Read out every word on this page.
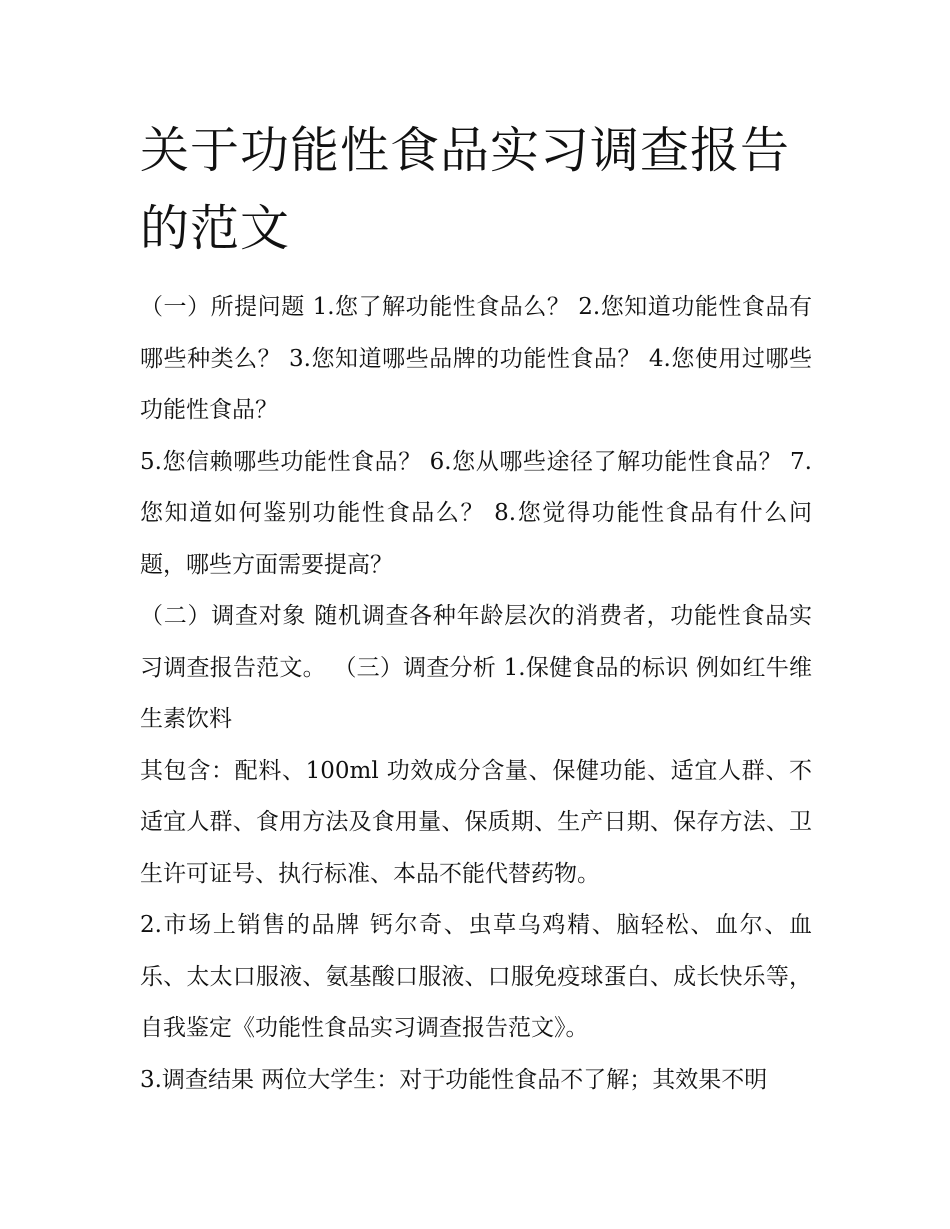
关于功能性食品实习调查报告的范文

（一）所提问题 1.您了解功能性食品么？ 2.您知道功能性食品有哪些种类么？ 3.您知道哪些品牌的功能性食品？ 4.您使用过哪些功能性食品？

5.您信赖哪些功能性食品？ 6.您从哪些途径了解功能性食品？ 7.您知道如何鉴别功能性食品么？ 8.您觉得功能性食品有什么问题，哪些方面需要提高？

（二）调查对象 随机调查各种年龄层次的消费者，功能性食品实习调查报告范文。 （三）调查分析 1.保健食品的标识 例如红牛维生素饮料

其包含：配料、100ml 功效成分含量、保健功能、适宜人群、不适宜人群、食用方法及食用量、保质期、生产日期、保存方法、卫生许可证号、执行标准、本品不能代替药物。

2.市场上销售的品牌 钙尔奇、虫草乌鸡精、脑轻松、血尔、血乐、太太口服液、氨基酸口服液、口服免疫球蛋白、成长快乐等，自我鉴定《功能性食品实习调查报告范文》。

3.调查结果 两位大学生：对于功能性食品不了解；其效果不明
